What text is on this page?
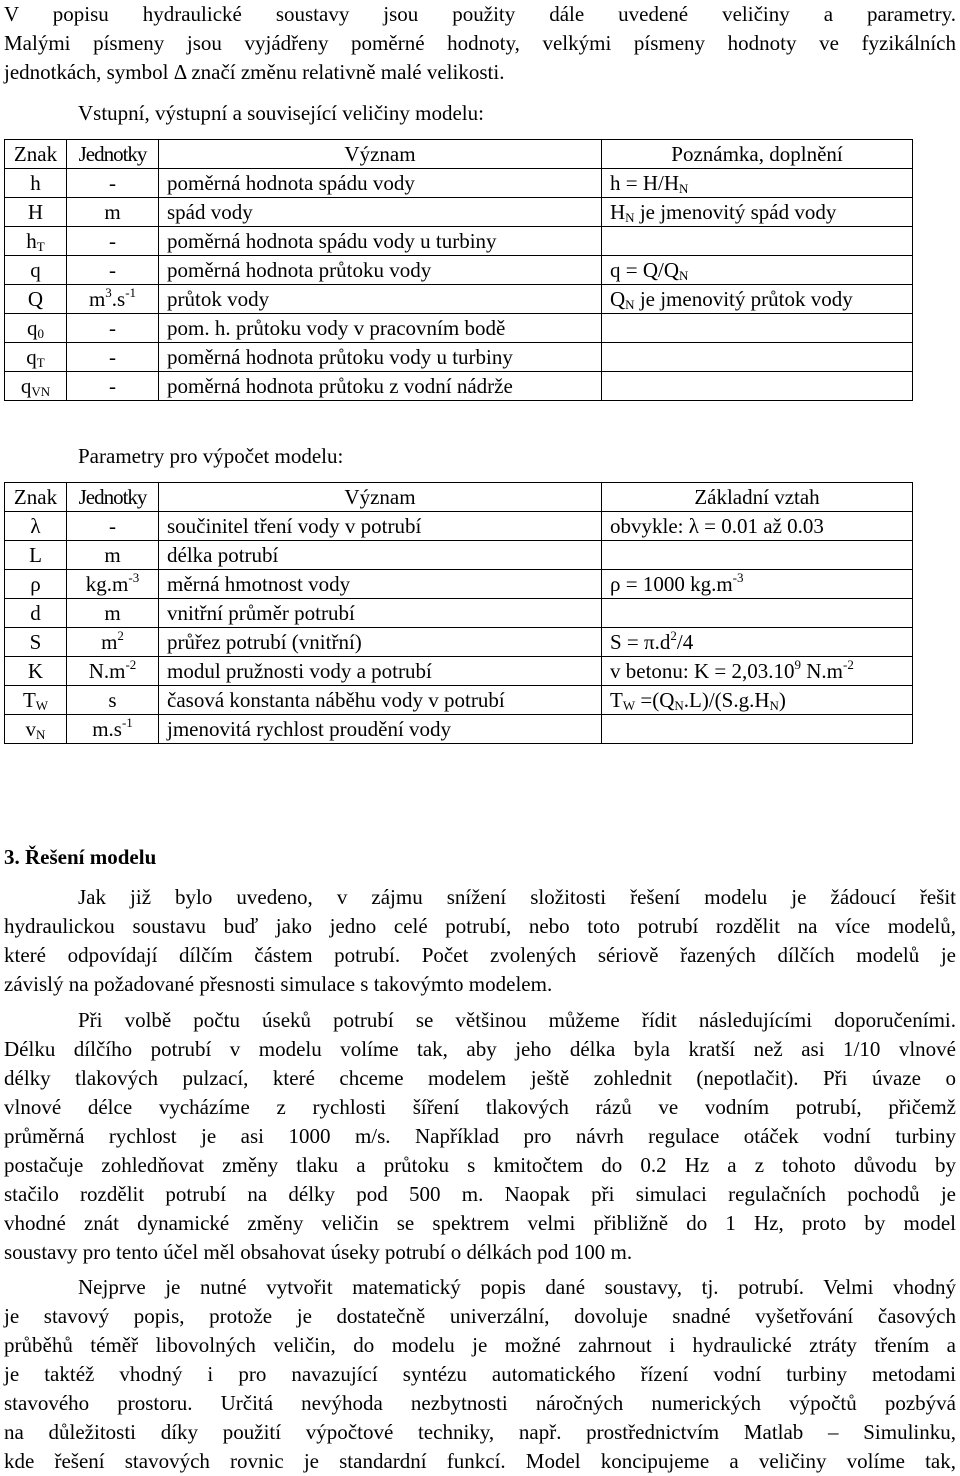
V popisu hydraulické soustavy jsou použity dále uvedené veličiny a parametry.
Malými písmeny jsou vyjádřeny poměrné hodnoty, velkými písmeny hodnoty ve fyzikálních
jednotkách, symbol Δ značí změnu relativně malé velikosti.
Vstupní, výstupní a související veličiny modelu:
Znak	Jednotky	Význam	Poznámka, doplnění
h	-	poměrná hodnota spádu vody	$h = H/H_N$
H	m	spád vody	$H_N$ je jmenovitý spád vody
$h_T$	-	poměrná hodnota spádu vody u turbiny	
q	-	poměrná hodnota průtoku vody	$q = Q/Q_N$
Q	$m^3.s^{-1}$	průtok vody	$Q_N$ je jmenovitý průtok vody
$q_0$	-	pom. h. průtoku vody v pracovním bodě	
$q_T$	-	poměrná hodnota průtoku vody u turbiny	
$q_{VN}$	-	poměrná hodnota průtoku z vodní nádrže	
Parametry pro výpočet modelu:
Znak	Jednotky	Význam	Základní vztah
λ	-	součinitel tření vody v potrubí	obvykle: λ = 0.01 až 0.03
L	m	délka potrubí	
ρ	$kg.m^{-3}$	měrná hmotnost vody	ρ = 1000 $kg.m^{-3}$
d	m	vnitřní průměr potrubí	
S	$m^2$	průřez potrubí (vnitřní)	$S = \pi.d^2/4$
K	$N.m^{-2}$	modul pružnosti vody a potrubí	v betonu: $K = 2,03.10^9$ $N.m^{-2}$
$T_W$	s	časová konstanta náběhu vody v potrubí	$T_W =(Q_N.L)/(S.g.H_N)$
$v_N$	$m.s^{-1}$	jmenovitá rychlost proudění vody	
3. Řešení modelu
Jak již bylo uvedeno, v zájmu snížení složitosti řešení modelu je žádoucí řešit
hydraulickou soustavu buď jako jedno celé potrubí, nebo toto potrubí rozdělit na více modelů,
které odpovídají dílčím částem potrubí. Počet zvolených sériově řazených dílčích modelů je
závislý na požadované přesnosti simulace s takovýmto modelem.
Při volbě počtu úseků potrubí se většinou můžeme řídit následujícími doporučeními.
Délku dílčího potrubí v modelu volíme tak, aby jeho délka byla kratší než asi 1/10 vlnové
délky tlakových pulzací, které chceme modelem ještě zohlednit (nepotlačit). Při úvaze o
vlnové délce vycházíme z rychlosti šíření tlakových rázů ve vodním potrubí, přičemž
průměrná rychlost je asi 1000 m/s. Například pro návrh regulace otáček vodní turbiny
postačuje zohledňovat změny tlaku a průtoku s kmitočtem do 0.2 Hz a z tohoto důvodu by
stačilo rozdělit potrubí na délky pod 500 m. Naopak při simulaci regulačních pochodů je
vhodné znát dynamické změny veličin se spektrem velmi přibližně do 1 Hz, proto by model
soustavy pro tento účel měl obsahovat úseky potrubí o délkách pod 100 m.
Nejprve je nutné vytvořit matematický popis dané soustavy, tj. potrubí. Velmi vhodný
je stavový popis, protože je dostatečně univerzální, dovoluje snadné vyšetřování časových
průběhů téměř libovolných veličin, do modelu je možné zahrnout i hydraulické ztráty třením a
je taktéž vhodný i pro navazující syntézu automatického řízení vodní turbiny metodami
stavového prostoru. Určitá nevýhoda nezbytnosti náročných numerických výpočtů pozbývá
na důležitosti díky použití výpočtové techniky, např. prostřednictvím Matlab – Simulinku,
kde řešení stavových rovnic je standardní funkcí. Model koncipujeme a veličiny volíme tak,
